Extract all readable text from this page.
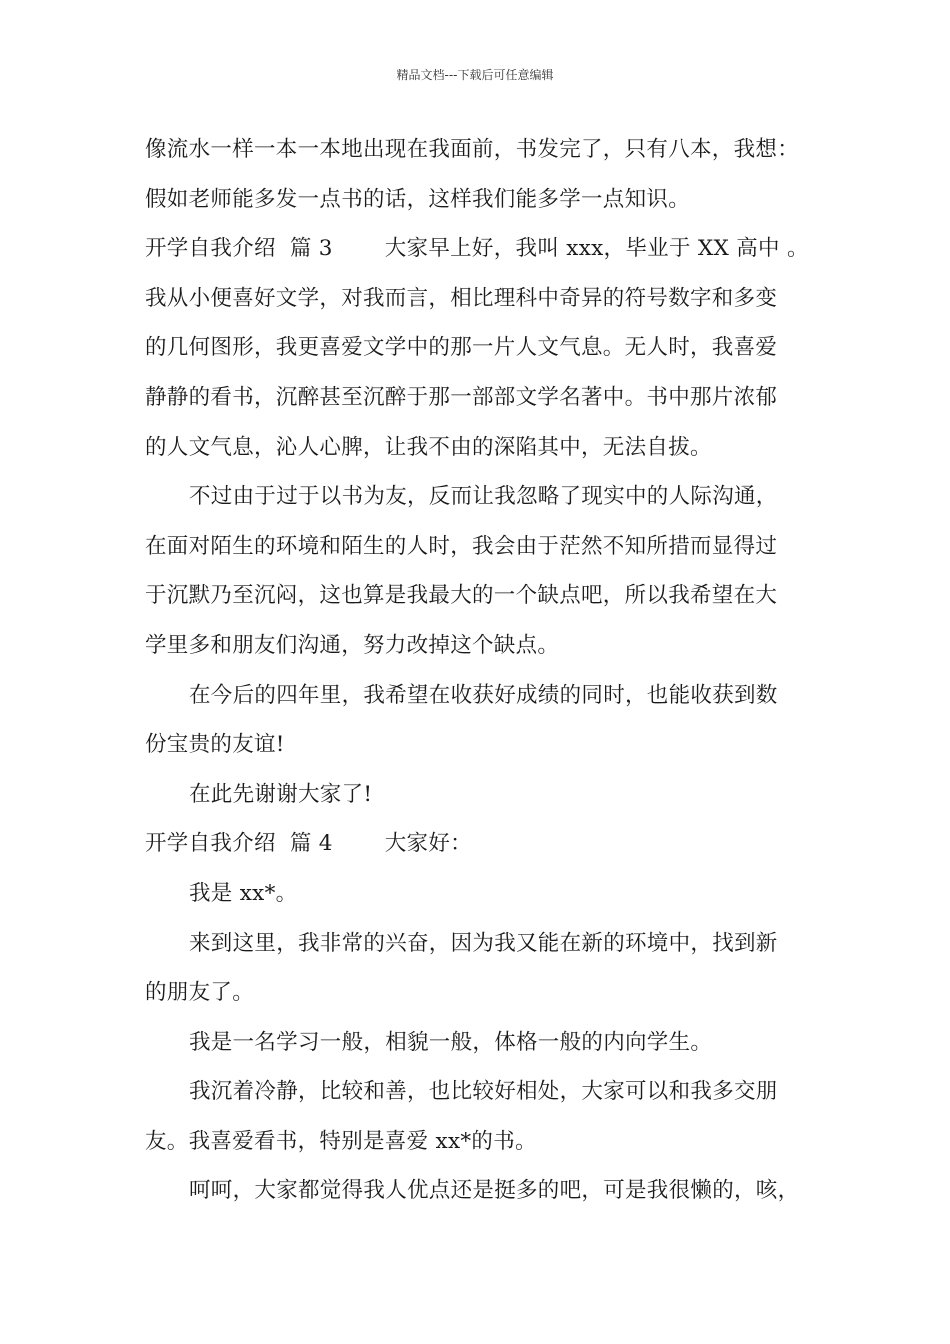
精品文档---下载后可任意编辑
像流水一样一本一本地出现在我面前，书发完了，只有八本，我想：
假如老师能多发一点书的话，这样我们能多学一点知识。
开学自我介绍 篇 3 大家早上好，我叫 xxx，毕业于 XX 高中 。
我从小便喜好文学，对我而言，相比理科中奇异的符号数字和多变
的几何图形，我更喜爱文学中的那一片人文气息。无人时，我喜爱
静静的看书，沉醉甚至沉醉于那一部部文学名著中。书中那片浓郁
的人文气息，沁人心脾，让我不由的深陷其中，无法自拔。
不过由于过于以书为友，反而让我忽略了现实中的人际沟通，
在面对陌生的环境和陌生的人时，我会由于茫然不知所措而显得过
于沉默乃至沉闷，这也算是我最大的一个缺点吧，所以我希望在大
学里多和朋友们沟通，努力改掉这个缺点。
在今后的四年里，我希望在收获好成绩的同时，也能收获到数
份宝贵的友谊!
在此先谢谢大家了!
开学自我介绍 篇 4 大家好：
我是 xx*。
来到这里，我非常的兴奋，因为我又能在新的环境中，找到新
的朋友了。
我是一名学习一般，相貌一般，体格一般的内向学生。
我沉着冷静，比较和善，也比较好相处，大家可以和我多交朋
友。我喜爱看书，特别是喜爱 xx*的书。
呵呵，大家都觉得我人优点还是挺多的吧，可是我很懒的，咳，
